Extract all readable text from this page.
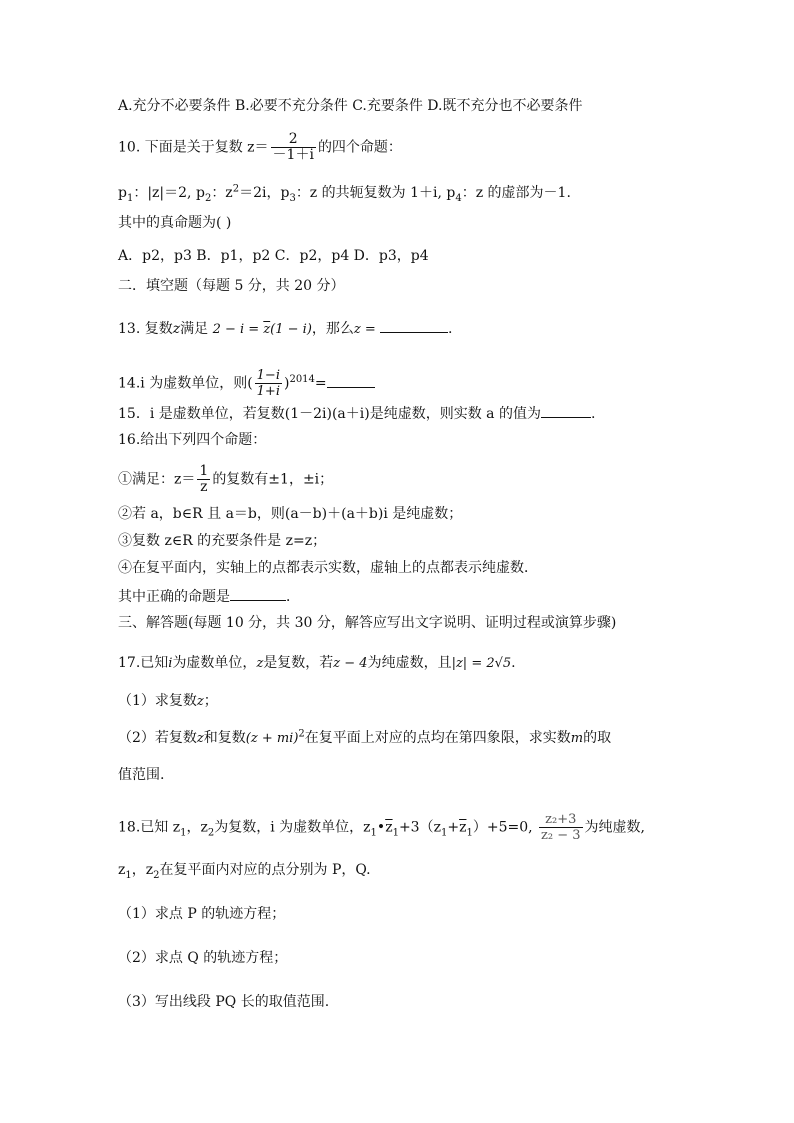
A.充分不必要条件 B.必要不充分条件 C.充要条件 D.既不充分也不必要条件
10. 下面是关于复数 $z= \frac{2}{-1+i}$ 的四个命题：
$p_1$：|z|＝2, $p_2$：$z^2=2i$，$p_3$：z 的共轭复数为 1＋i, $p_4$：z 的虚部为－1.
其中的真命题为( )
A．p2，p3 B．p1，p2 C．p2，p4 D．p3，p4
二．填空题（每题 5 分，共 20 分）
13. 复数z满足 $2 - i = \overline{z}(1 - i)$，那么z =	.
14.i 为虚数单位，则( $\frac{1-i}{1+i} )^{2014}=$
15．i 是虚数单位，若复数(1－2i)(a＋i)是纯虚数，则实数 a 的值为	.
16.给出下列四个命题：
①满足：$z= \frac{1}{z}$ 的复数有±1，±i；
②若 a，b∈R 且 a＝b，则(a－b)＋(a＋b)i 是纯虚数；
③复数 z∈R 的充要条件是 z=z；
④在复平面内，实轴上的点都表示实数，虚轴上的点都表示纯虚数．
其中正确的命题是	．
三、解答题(每题 10 分，共 30 分，解答应写出文字说明、证明过程或演算步骤)
17.已知i为虚数单位，z是复数，若z − 4为纯虚数，且|z| = 2√5.
（1）求复数z；
（2）若复数z和复数(z + mi)$^2$在复平面上对应的点均在第四象限，求实数m的取
值范围.
18.已知 $z_1$，$z_2$为复数，i 为虚数单位，$z_1•\overline{z}_1+3(z_1+\overline{z}_1)+5=0$, $\frac{\text{z₂+3}}{\text{z₂ − 3}}$ 为纯虚数,
$z_1$，$z_2$在复平面内对应的点分别为 P，Q.
（1）求点 P 的轨迹方程；
（2）求点 Q 的轨迹方程；
（3）写出线段 PQ 长的取值范围.
